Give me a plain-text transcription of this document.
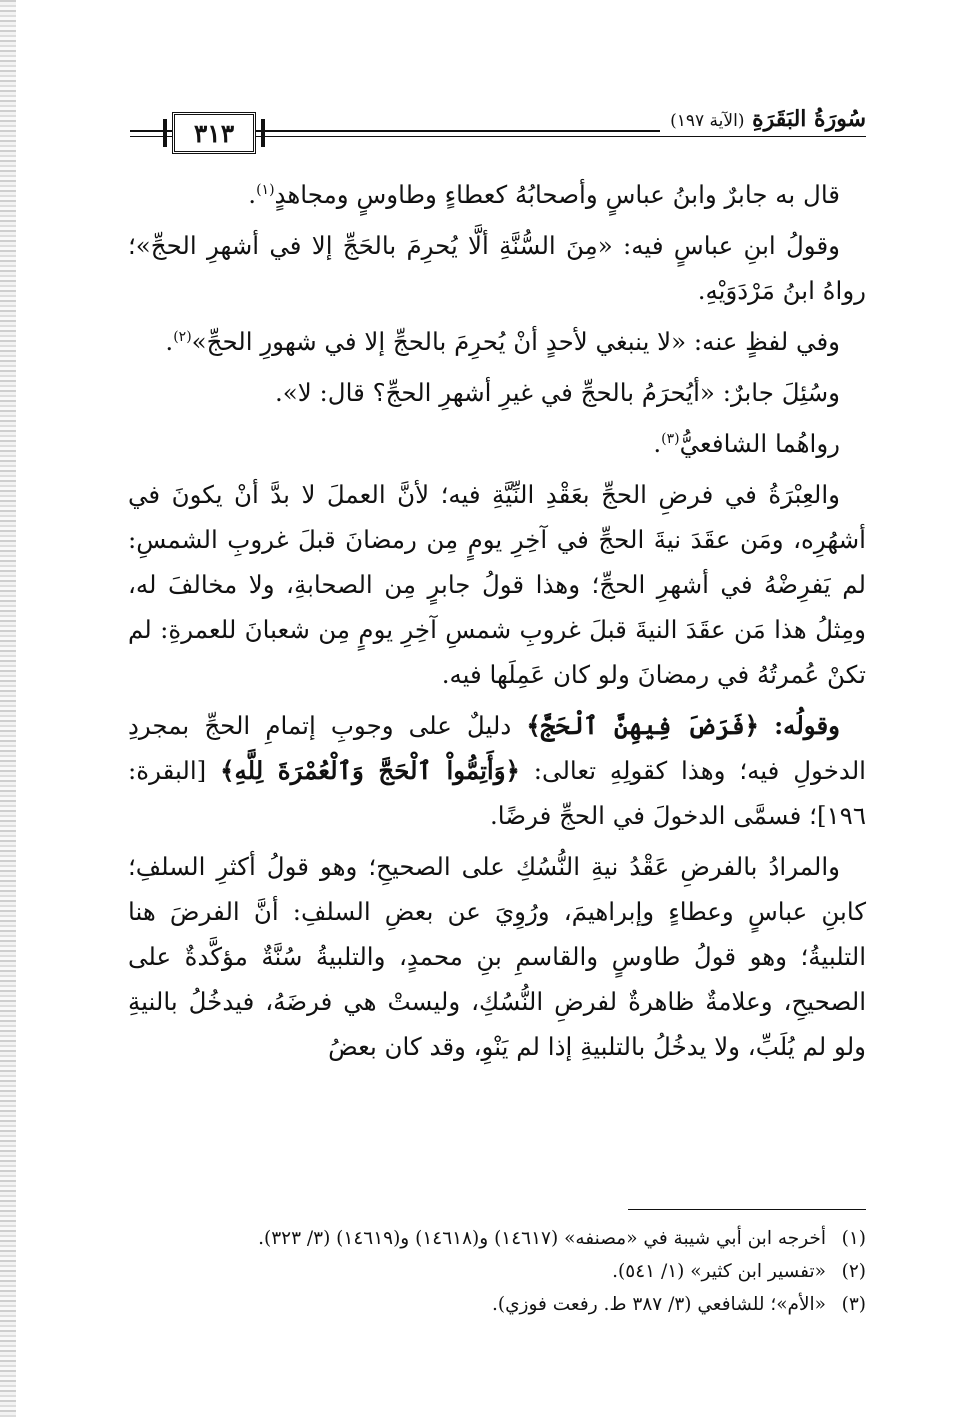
سُورَةُ البَقَرَةِ (الآية ١٩٧)
٣١٣

قال به جابرٌ وابنُ عباسٍ وأصحابُهُ كعطاءٍ وطاوسٍ ومجاهدٍ$^{(١)}$.

وقولُ ابنِ عباسٍ فيه: «مِنَ السُّنَّةِ ألَّا يُحرِمَ بالحَجِّ إلا في أشهرِ الحجِّ»؛ رواهُ ابنُ مَرْدَوَيْهِ.

وفي لفظٍ عنه: «لا ينبغي لأحدٍ أنْ يُحرِمَ بالحجِّ إلا في شهورِ الحجِّ»$^{(٢)}$.

وسُئِلَ جابرٌ: «أيُحرَمُ بالحجِّ في غيرِ أشهرِ الحجِّ؟ قال: لا».

رواهُما الشافعيُّ$^{(٣)}$.

والعِبْرَةُ في فرضِ الحجِّ بعَقْدِ النِّيَّةِ فيه؛ لأنَّ العملَ لا بدَّ أنْ يكونَ في أشهُرِه، ومَن عقَدَ نيةَ الحجِّ في آخِرِ يومٍ مِن رمضانَ قبلَ غروبِ الشمسِ: لم يَفرِضْهُ في أشهرِ الحجِّ؛ وهذا قولُ جابرٍ مِن الصحابةِ، ولا مخالفَ له، ومِثلُ هذا مَن عقَدَ النيةَ قبلَ غروبِ شمسِ آخِرِ يومٍ مِن شعبانَ للعمرةِ: لم تكنْ عُمرتُهُ في رمضانَ ولو كان عَمِلَها فيه.

وقولُه: ﴿فَرَضَ فِيهِنَّ ٱلْحَجَّ﴾ دليلٌ على وجوبِ إتمامِ الحجِّ بمجردِ الدخولِ فيه؛ وهذا كقولِهِ تعالى: ﴿وَأَتِمُّواْ ٱلْحَجَّ وَٱلْعُمْرَةَ لِلَّهِ﴾ [البقرة: ١٩٦]؛ فسمَّى الدخولَ في الحجِّ فرضًا.

والمرادُ بالفرضِ عَقْدُ نيةِ النُّسُكِ على الصحيحِ؛ وهو قولُ أكثرِ السلفِ؛ كابنِ عباسٍ وعطاءٍ وإبراهيمَ، ورُوِيَ عن بعضِ السلفِ: أنَّ الفرضَ هنا التلبيةُ؛ وهو قولُ طاوسٍ والقاسمِ بنِ محمدٍ، والتلبيةُ سُنَّةٌ مؤكَّدةٌ على الصحيحِ، وعلامةٌ ظاهرةٌ لفرضِ النُّسُكِ، وليستْ هي فرضَهُ، فيدخُلُ بالنيةِ ولو لم يُلَبِّ، ولا يدخُلُ بالتلبيةِ إذا لم يَنْوِ، وقد كان بعضُ

(١)أخرجه ابن أبي شيبة في «مصنفه» (١٤٦١٧) و(١٤٦١٨) و(١٤٦١٩) (٣/ ٣٢٣).
(٢)«تفسير ابن كثير» (١/ ٥٤١).
(٣)«الأم»؛ للشافعي (٣/ ٣٨٧ ط. رفعت فوزي).
